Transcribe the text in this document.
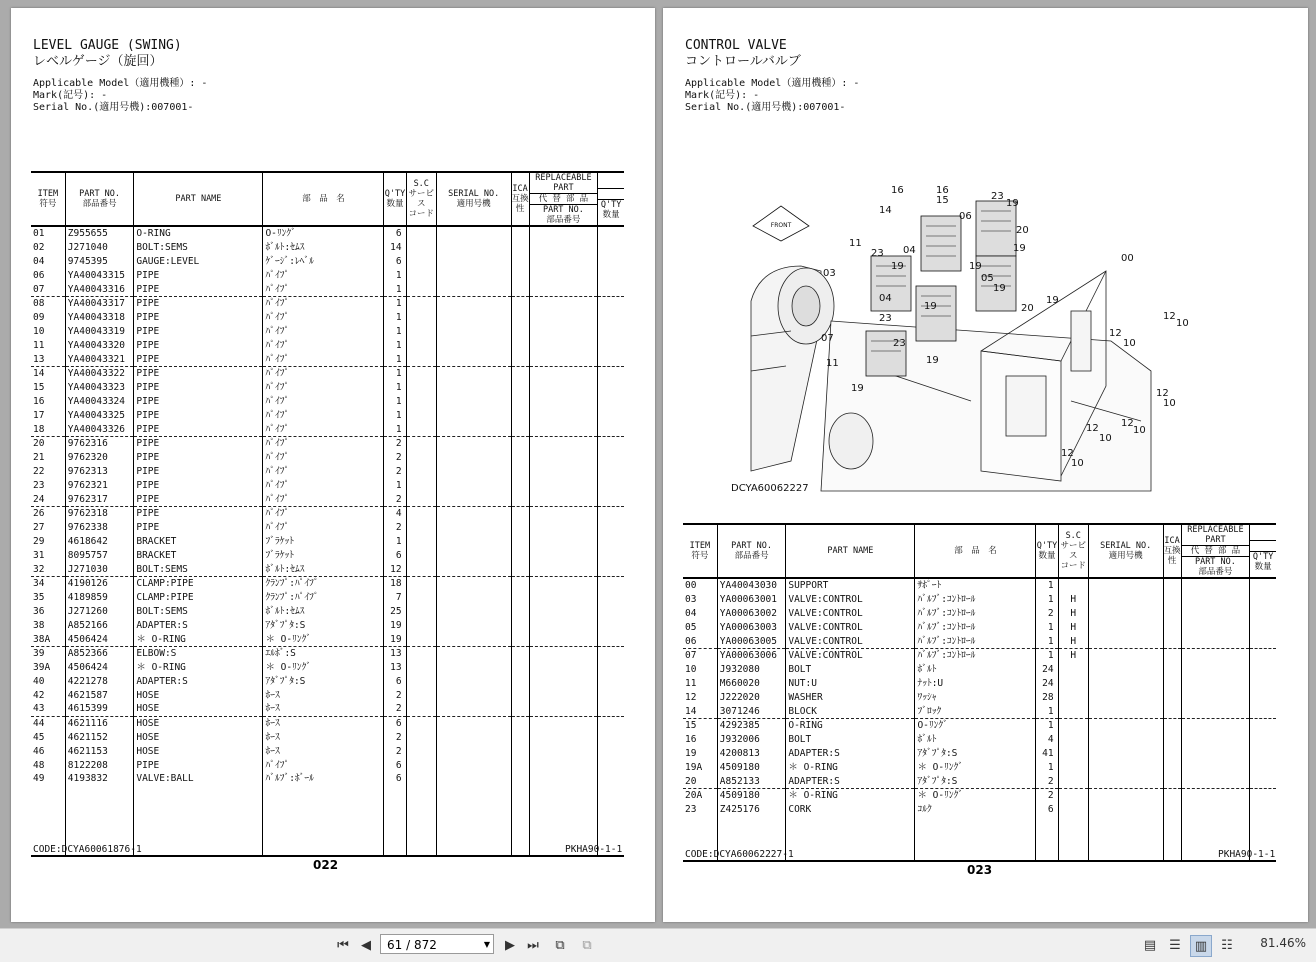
LEVEL GAUGE (SWING)
レベルゲージ（旋回）
Applicable Model（適用機種）: -
Mark(記号): -
Serial No.(適用号機):007001-
ITEM
符号	PART NO.
部品番号	PART NAME	部　品　名	Q'TY
数量	S.C
サービス
コード	SERIAL NO.
適用号機	ICA
互換性	REPLACEABLE PART
代 替 部 品
PART NO.
部品番号	Q'TY
数量
01	Z955655	O-RING	O-ﾘﾝｸﾞ	6					
02	J271040	BOLT:SEMS	ﾎﾞﾙﾄ:ｾﾑｽ	14					
04	9745395	GAUGE:LEVEL	ｹﾞｰｼﾞ:ﾚﾍﾞﾙ	6					
06	YA40043315	PIPE	ﾊﾟｲﾌﾟ	1					
07	YA40043316	PIPE	ﾊﾟｲﾌﾟ	1					
08	YA40043317	PIPE	ﾊﾟｲﾌﾟ	1					
09	YA40043318	PIPE	ﾊﾟｲﾌﾟ	1					
10	YA40043319	PIPE	ﾊﾟｲﾌﾟ	1					
11	YA40043320	PIPE	ﾊﾟｲﾌﾟ	1					
13	YA40043321	PIPE	ﾊﾟｲﾌﾟ	1					
14	YA40043322	PIPE	ﾊﾟｲﾌﾟ	1					
15	YA40043323	PIPE	ﾊﾟｲﾌﾟ	1					
16	YA40043324	PIPE	ﾊﾟｲﾌﾟ	1					
17	YA40043325	PIPE	ﾊﾟｲﾌﾟ	1					
18	YA40043326	PIPE	ﾊﾟｲﾌﾟ	1					
20	9762316	PIPE	ﾊﾟｲﾌﾟ	2					
21	9762320	PIPE	ﾊﾟｲﾌﾟ	2					
22	9762313	PIPE	ﾊﾟｲﾌﾟ	2					
23	9762321	PIPE	ﾊﾟｲﾌﾟ	1					
24	9762317	PIPE	ﾊﾟｲﾌﾟ	2					
26	9762318	PIPE	ﾊﾟｲﾌﾟ	4					
27	9762338	PIPE	ﾊﾟｲﾌﾟ	2					
29	4618642	BRACKET	ﾌﾞﾗｹｯﾄ	1					
31	8095757	BRACKET	ﾌﾞﾗｹｯﾄ	6					
32	J271030	BOLT:SEMS	ﾎﾞﾙﾄ:ｾﾑｽ	12					
34	4190126	CLAMP:PIPE	ｸﾗﾝﾌﾟ:ﾊﾟｲﾌﾟ	18					
35	4189859	CLAMP:PIPE	ｸﾗﾝﾌﾟ:ﾊﾟｲﾌﾟ	7					
36	J271260	BOLT:SEMS	ﾎﾞﾙﾄ:ｾﾑｽ	25					
38	A852166	ADAPTER:S	ｱﾀﾞﾌﾟﾀ:S	19					
38A	4506424	＊ O-RING	＊ O-ﾘﾝｸﾞ	19					
39	A852366	ELBOW:S	ｴﾙﾎﾞ:S	13					
39A	4506424	＊ O-RING	＊ O-ﾘﾝｸﾞ	13					
40	4221278	ADAPTER:S	ｱﾀﾞﾌﾟﾀ:S	6					
42	4621587	HOSE	ﾎｰｽ	2					
43	4615399	HOSE	ﾎｰｽ	2					
44	4621116	HOSE	ﾎｰｽ	6					
45	4621152	HOSE	ﾎｰｽ	2					
46	4621153	HOSE	ﾎｰｽ	2					
48	8122208	PIPE	ﾊﾟｲﾌﾟ	6					
49	4193832	VALVE:BALL	ﾊﾞﾙﾌﾞ:ﾎﾞｰﾙ	6					

CODE:DCYA60061876-1	PKHA90-1-1
022
CONTROL VALVE
コントロールバルブ
Applicable Model（適用機種）: -
Mark(記号): -
Serial No.(適用号機):007001-
FRONT
DCYA60062227
16	16
15
14
06
23
19
20
19
11
23
03
19
04
04
05
19
19
20
19
23
19
07	23
11	19
19
00
12
10
12
10
12
10
12
10
12
10
12
10
ITEM
符号	PART NO.
部品番号	PART NAME	部　品　名	Q'TY
数量	S.C
サービス
コード	SERIAL NO.
適用号機	ICA
互換性	REPLACEABLE PART
代 替 部 品
PART NO.
部品番号	Q'TY
数量
00	YA40043030	SUPPORT	ｻﾎﾟｰﾄ	1					
03	YA00063001	VALVE:CONTROL	ﾊﾞﾙﾌﾞ:ｺﾝﾄﾛｰﾙ	1	H				
04	YA00063002	VALVE:CONTROL	ﾊﾞﾙﾌﾞ:ｺﾝﾄﾛｰﾙ	2	H				
05	YA00063003	VALVE:CONTROL	ﾊﾞﾙﾌﾞ:ｺﾝﾄﾛｰﾙ	1	H				
06	YA00063005	VALVE:CONTROL	ﾊﾞﾙﾌﾞ:ｺﾝﾄﾛｰﾙ	1	H				
07	YA00063006	VALVE:CONTROL	ﾊﾞﾙﾌﾞ:ｺﾝﾄﾛｰﾙ	1	H				
10	J932080	BOLT	ﾎﾞﾙﾄ	24					
11	M660020	NUT:U	ﾅｯﾄ:U	24					
12	J222020	WASHER	ﾜｯｼｬ	28					
14	3071246	BLOCK	ﾌﾞﾛｯｸ	1					
15	4292385	O-RING	O-ﾘﾝｸﾞ	1					
16	J932006	BOLT	ﾎﾞﾙﾄ	4					
19	4200813	ADAPTER:S	ｱﾀﾞﾌﾟﾀ:S	41					
19A	4509180	＊ O-RING	＊ O-ﾘﾝｸﾞ	1					
20	A852133	ADAPTER:S	ｱﾀﾞﾌﾟﾀ:S	2					
20A	4509180	＊ O-RING	＊ O-ﾘﾝｸﾞ	2					
23	Z425176	CORK	ｺﾙｸ	6					

CODE:DCYA60062227-1	PKHA90-1-1
023
⏮ ◀	61 / 872	▼	▶ ⏭	⧉	⧉	▤	☰	▥	☷	81.46%
